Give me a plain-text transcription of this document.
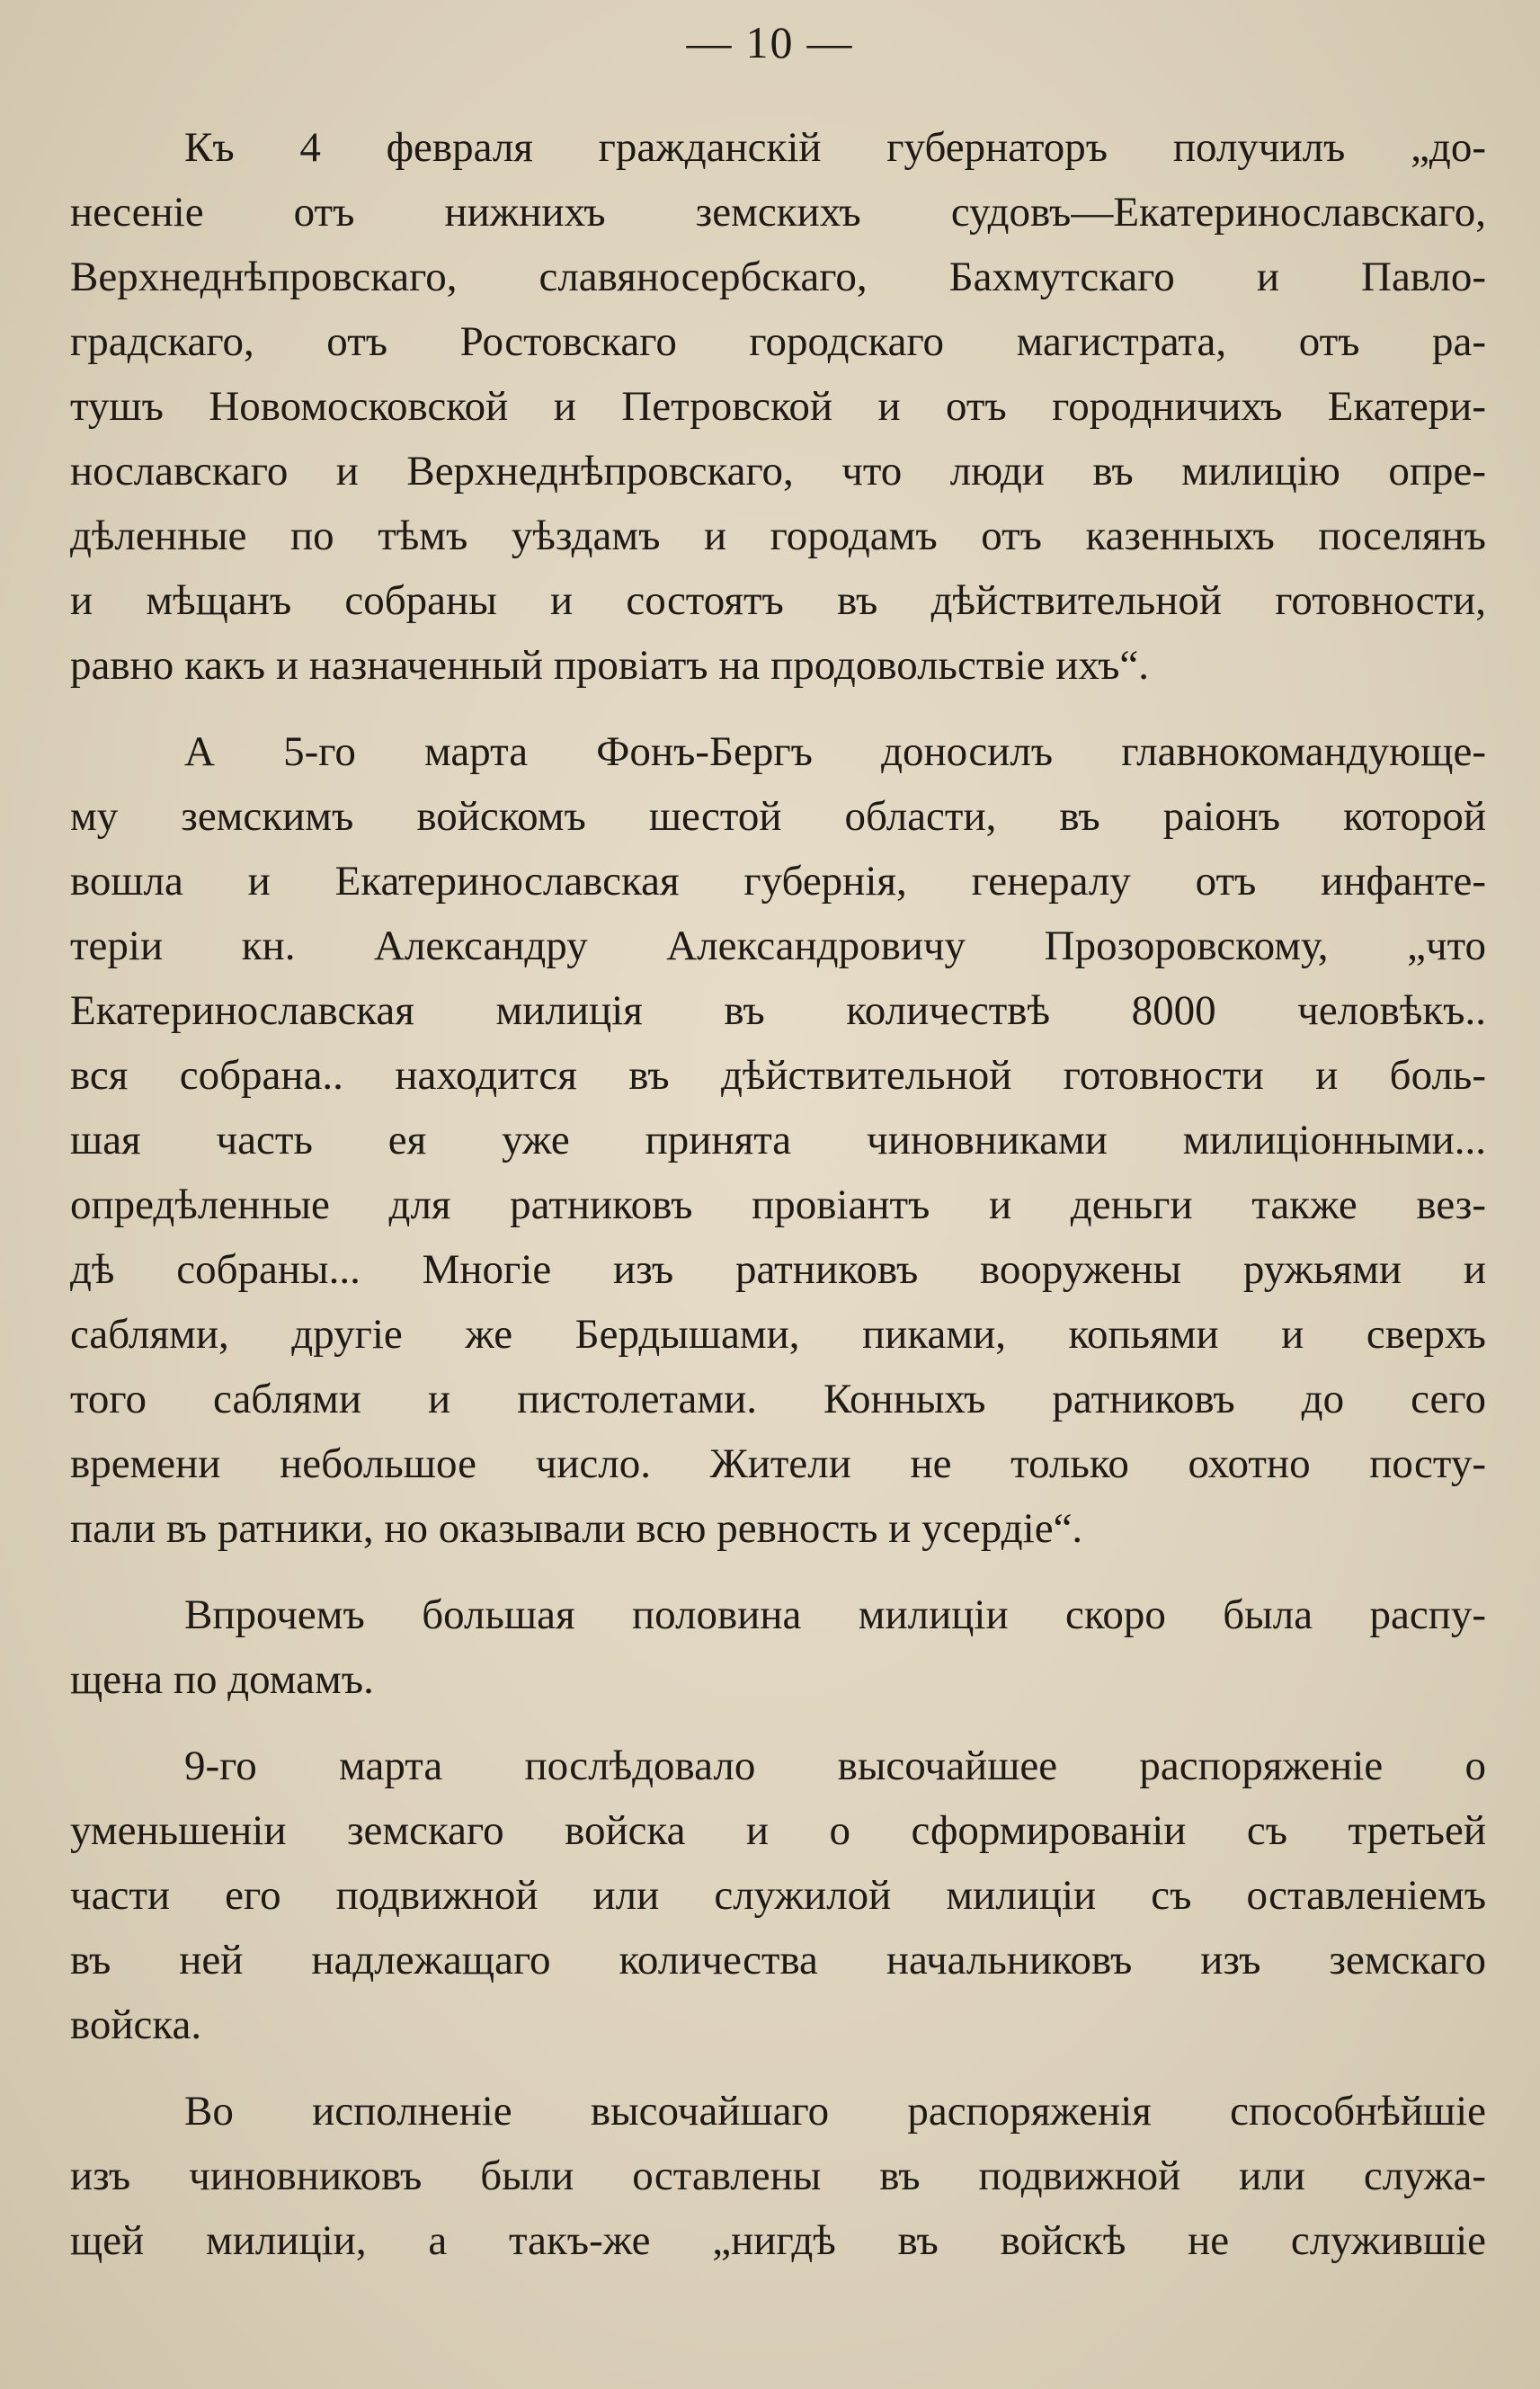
— 10 —
Къ 4 февраля гражданскій губернаторъ получилъ „до-
несеніе отъ нижнихъ земскихъ судовъ—Екатеринославскаго,
Верхнеднѣпровскаго, славяносербскаго, Бахмутскаго и Павло-
градскаго, отъ Ростовскаго городскаго магистрата, отъ ра-
тушъ Новомосковской и Петровской и отъ городничихъ Екатери-
нославскаго и Верхнеднѣпровскаго, что люди въ милицію опре-
дѣленные по тѣмъ уѣздамъ и городамъ отъ казенныхъ поселянъ
и мѣщанъ собраны и состоятъ въ дѣйствительной готовности,
равно какъ и назначенный провіатъ на продовольствіе ихъ“.
А 5-го марта Фонъ-Бергъ доносилъ главнокомандующе-
му земскимъ войскомъ шестой области, въ раіонъ которой
вошла и Екатеринославская губернія, генералу отъ инфанте-
теріи кн. Александру Александровичу Прозоровскому, „что
Екатеринославская милиція въ количествѣ 8000 человѣкъ..
вся собрана.. находится въ дѣйствительной готовности и боль-
шая часть ея уже принята чиновниками милиціонными...
опредѣленные для ратниковъ провіантъ и деньги также вез-
дѣ собраны... Многіе изъ ратниковъ вооружены ружьями и
саблями, другіе же Бердышами, пиками, копьями и сверхъ
того саблями и пистолетами. Конныхъ ратниковъ до сего
времени небольшое число. Жители не только охотно посту-
пали въ ратники, но оказывали всю ревность и усердіе“.
Впрочемъ большая половина милиціи скоро была распу-
щена по домамъ.
9-го марта послѣдовало высочайшее распоряженіе о
уменьшеніи земскаго войска и о сформированіи съ третьей
части его подвижной или служилой милиціи съ оставленіемъ
въ ней надлежащаго количества начальниковъ изъ земскаго
войска.
Во исполненіе высочайшаго распоряженія способнѣйшіе
изъ чиновниковъ были оставлены въ подвижной или служа-
щей милиціи, а такъ-же „нигдѣ въ войскѣ не служившіе
